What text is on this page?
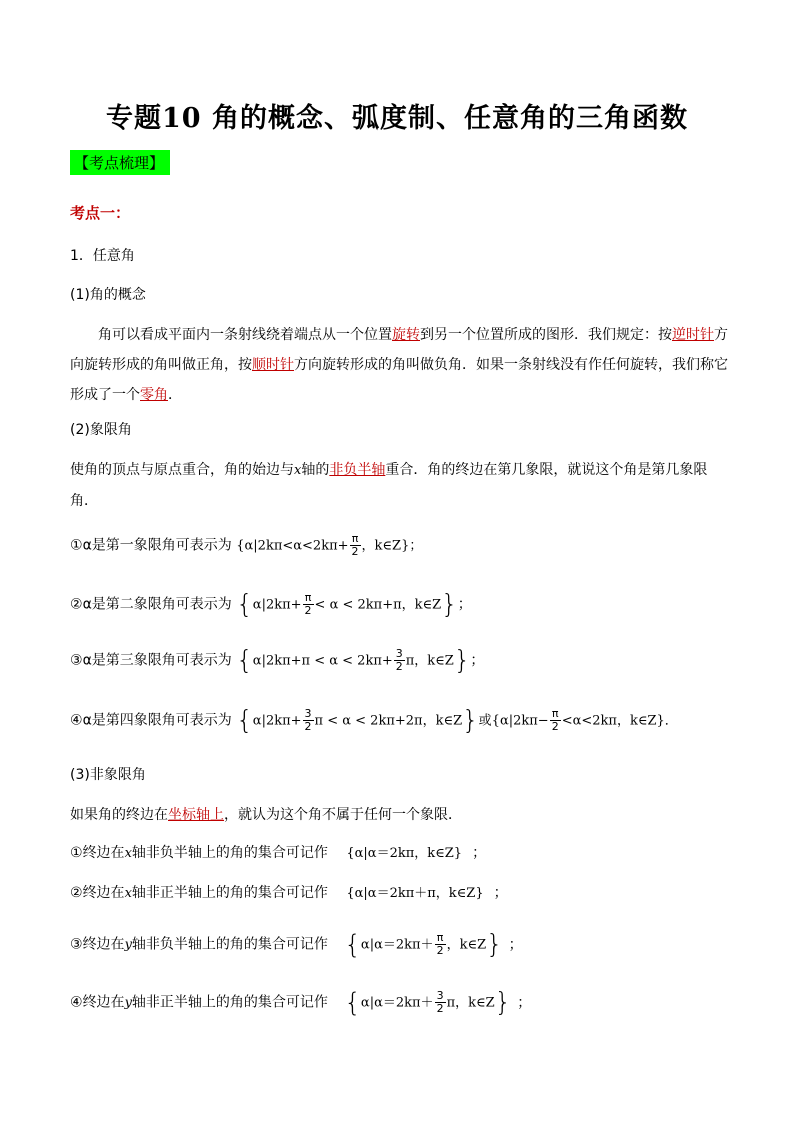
专题10 角的概念、弧度制、任意角的三角函数
【考点梳理】
考点一：
1．任意角
(1)角的概念
角可以看成平面内一条射线绕着端点从一个位置旋转到另一个位置所成的图形．我们规定：按逆时针方向旋转形成的角叫做正角，按顺时针方向旋转形成的角叫做负角．如果一条射线没有作任何旋转，我们称它形成了一个零角．
(2)象限角
使角的顶点与原点重合，角的始边与x轴的非负半轴重合．角的终边在第几象限，就说这个角是第几象限角．
①α是第一象限角可表示为 {$\alpha|2k\pi<\alpha<2k\pi+ \frac{\pi}{2}$ ，k∈Z}；
②α是第二象限角可表示为 {$\alpha|2k\pi+ \frac{\pi}{2} < \alpha < 2k\pi+\pi$，k∈Z}；
③α是第三象限角可表示为 {$\alpha|2k\pi+\pi < \alpha < 2k\pi+ \frac{3}{2}$ π，k∈Z}；
④α是第四象限角可表示为 {$\alpha|2k\pi+ \frac{3}{2}$ π < α < 2kπ+2π，k∈Z}或{$\alpha|2k\pi- \frac{\pi}{2} <\alpha<2k\pi$，k∈Z}．
(3)非象限角
如果角的终边在坐标轴上，就认为这个角不属于任何一个象限．
①终边在x轴非负半轴上的角的集合可记作 {α|α＝2kπ，k∈Z} ；
②终边在x轴非正半轴上的角的集合可记作 {α|α＝2kπ＋π，k∈Z} ；
③终边在y轴非负半轴上的角的集合可记作 {$\alpha|\alpha=2k\pi+ \frac{\pi}{2}$ ，k∈Z} ；
④终边在y轴非正半轴上的角的集合可记作 {$\alpha|\alpha=2k\pi+ \frac{3}{2}$ π，k∈Z} ；
